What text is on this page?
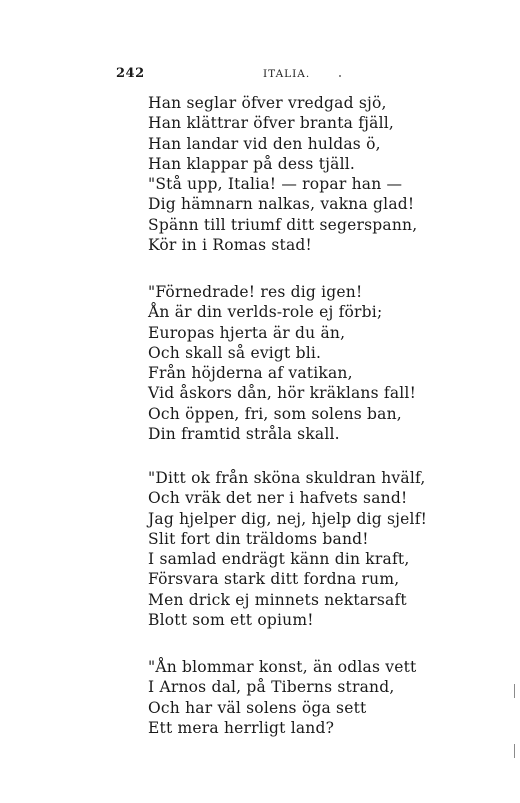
242	ITALIA.
Han seglar öfver vredgad sjö,
Han klättrar öfver branta fjäll,
Han landar vid den huldas ö,
Han klappar på dess tjäll.
"Stå upp, Italia! — ropar han —
Dig hämnarn nalkas, vakna glad!
Spänn till triumf ditt segerspann,
Kör in i Romas stad!
"Förnedrade! res dig igen!
Ån är din verlds-role ej förbi;
Europas hjerta är du än,
Och skall så evigt bli.
Från höjderna af vatikan,
Vid åskors dån, hör kräklans fall!
Och öppen, fri, som solens ban,
Din framtid stråla skall.
"Ditt ok från sköna skuldran hvälf,
Och vräk det ner i hafvets sand!
Jag hjelper dig, nej, hjelp dig sjelf!
Slit fort din träldoms band!
I samlad endrägt känn din kraft,
Försvara stark ditt fordna rum,
Men drick ej minnets nektarsaft
Blott som ett opium!
"Ån blommar konst, än odlas vett
I Arnos dal, på Tiberns strand,
Och har väl solens öga sett
Ett mera herrligt land?
